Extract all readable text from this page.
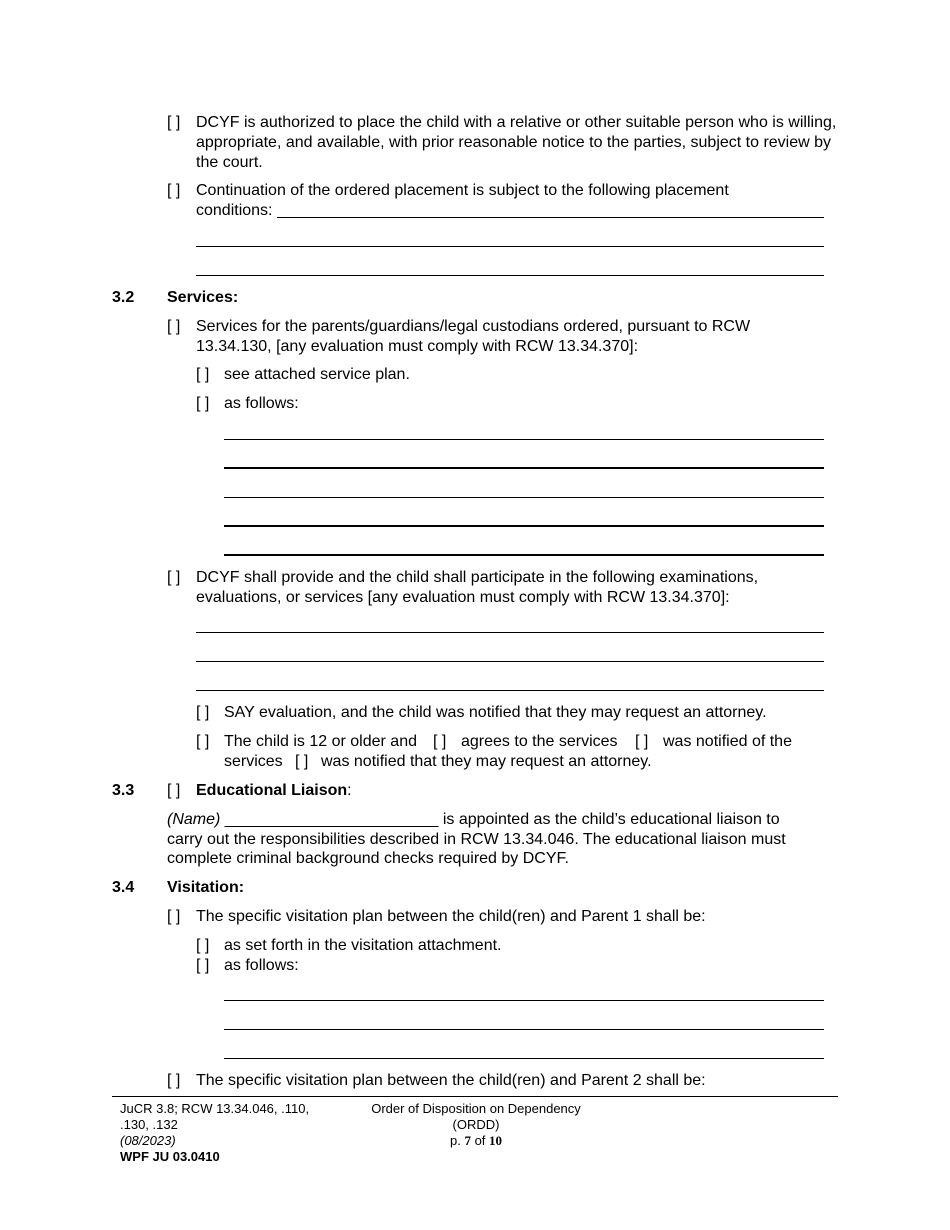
[ ] DCYF is authorized to place the child with a relative or other suitable person who is willing, appropriate, and available, with prior reasonable notice to the parties, subject to review by the court.
[ ] Continuation of the ordered placement is subject to the following placement conditions:
3.2 Services:
[ ] Services for the parents/guardians/legal custodians ordered, pursuant to RCW 13.34.130, [any evaluation must comply with RCW 13.34.370]:
[ ] see attached service plan.
[ ] as follows:
[ ] DCYF shall provide and the child shall participate in the following examinations, evaluations, or services [any evaluation must comply with RCW 13.34.370]:
[ ] SAY evaluation, and the child was notified that they may request an attorney.
[ ] The child is 12 or older and [ ] agrees to the services [ ] was notified of the
services [ ] was notified that they may request an attorney.
3.3 [ ] Educational Liaison:
(Name) ________________________ is appointed as the child’s educational liaison to
carry out the responsibilities described in RCW 13.34.046. The educational liaison must
complete criminal background checks required by DCYF.
3.4 Visitation:
[ ] The specific visitation plan between the child(ren) and Parent 1 shall be:
[ ] as set forth in the visitation attachment.
[ ] as follows:
[ ] The specific visitation plan between the child(ren) and Parent 2 shall be:
JuCR 3.8; RCW 13.34.046, .110,
.130, .132
(08/2023)
WPF JU 03.0410
Order of Disposition on Dependency
(ORDD)
p. 7 of 10
